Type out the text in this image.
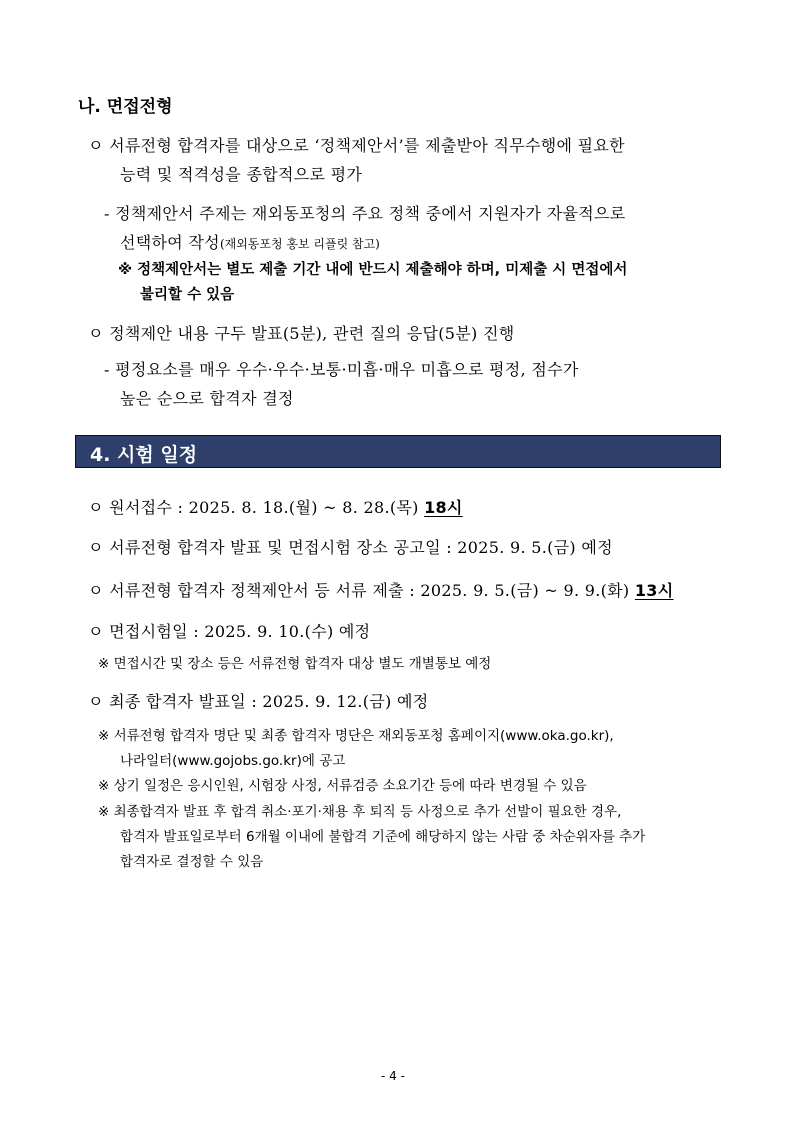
나. 면접전형
ㅇ 서류전형 합격자를 대상으로 ‘정책제안서’를 제출받아 직무수행에 필요한
능력 및 적격성을 종합적으로 평가
- 정책제안서 주제는 재외동포청의 주요 정책 중에서 지원자가 자율적으로
선택하여 작성(재외동포청 홍보 리플릿 참고)
※ 정책제안서는 별도 제출 기간 내에 반드시 제출해야 하며, 미제출 시 면접에서
불리할 수 있음
ㅇ 정책제안 내용 구두 발표(5분), 관련 질의 응답(5분) 진행
- 평정요소를 매우 우수·우수·보통·미흡·매우 미흡으로 평정, 점수가
높은 순으로 합격자 결정
4. 시험 일정
ㅇ 원서접수 : 2025. 8. 18.(월) ~ 8. 28.(목) 18시
ㅇ 서류전형 합격자 발표 및 면접시험 장소 공고일 : 2025. 9. 5.(금) 예정
ㅇ 서류전형 합격자 정책제안서 등 서류 제출 : 2025. 9. 5.(금) ~ 9. 9.(화) 13시
ㅇ 면접시험일 : 2025. 9. 10.(수) 예정
※ 면접시간 및 장소 등은 서류전형 합격자 대상 별도 개별통보 예정
ㅇ 최종 합격자 발표일 : 2025. 9. 12.(금) 예정
※ 서류전형 합격자 명단 및 최종 합격자 명단은 재외동포청 홈페이지(www.oka.go.kr),
나라일터(www.gojobs.go.kr)에 공고
※ 상기 일정은 응시인원, 시험장 사정, 서류검증 소요기간 등에 따라 변경될 수 있음
※ 최종합격자 발표 후 합격 취소·포기·채용 후 퇴직 등 사정으로 추가 선발이 필요한 경우,
합격자 발표일로부터 6개월 이내에 불합격 기준에 해당하지 않는 사람 중 차순위자를 추가
합격자로 결정할 수 있음
- 4 -
